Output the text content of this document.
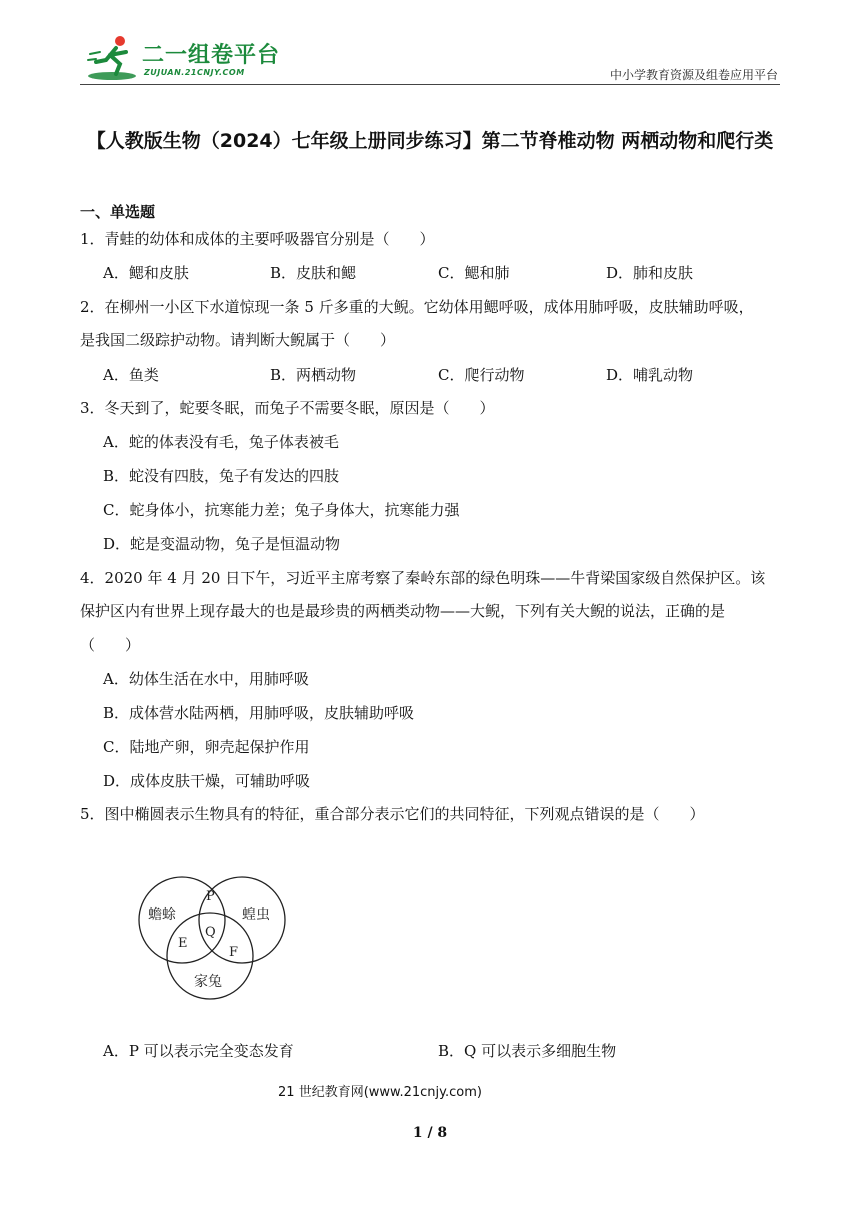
二一组卷平台
ZUJUAN.21CNJY.COM	中小学教育资源及组卷应用平台
【人教版生物（2024）七年级上册同步练习】第二节脊椎动物 两栖动物和爬行类
一、单选题
1．青蛙的幼体和成体的主要呼吸器官分别是（　　）
A．鳃和皮肤	B．皮肤和鳃	C．鳃和肺	D．肺和皮肤
2．在柳州一小区下水道惊现一条 5 斤多重的大鲵。它幼体用鳃呼吸，成体用肺呼吸，皮肤辅助呼吸，
是我国二级踪护动物。请判断大鲵属于（　　）
A．鱼类	B．两栖动物	C．爬行动物	D．哺乳动物
3．冬天到了，蛇要冬眠，而兔子不需要冬眠，原因是（　　）
A．蛇的体表没有毛，兔子体表被毛
B．蛇没有四肢，兔子有发达的四肢
C．蛇身体小，抗寒能力差；兔子身体大，抗寒能力强
D．蛇是变温动物，兔子是恒温动物
4．2020 年 4 月 20 日下午，习近平主席考察了秦岭东部的绿色明珠——牛背梁国家级自然保护区。该
保护区内有世界上现存最大的也是最珍贵的两栖类动物——大鲵，下列有关大鲵的说法，正确的是
（　　）
A．幼体生活在水中，用肺呼吸
B．成体营水陆两栖，用肺呼吸，皮肤辅助呼吸
C．陆地产卵，卵壳起保护作用
D．成体皮肤干燥，可辅助呼吸
5．图中椭圆表示生物具有的特征，重合部分表示它们的共同特征，下列观点错误的是（　　）
蟾蜍	蝗虫
家兔
P
Q
E
F
A．P 可以表示完全变态发育	B．Q 可以表示多细胞生物
21 世纪教育网(www.21cnjy.com)
1 / 8
